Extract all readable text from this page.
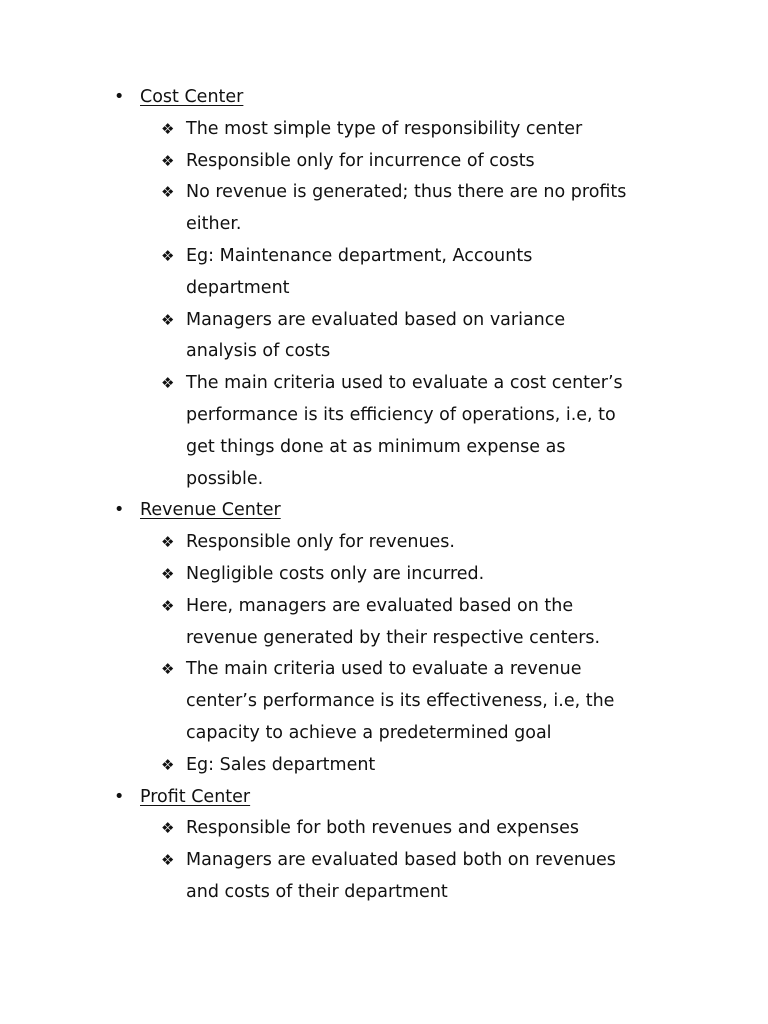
• Cost Center
❖ The most simple type of responsibility center
❖ Responsible only for incurrence of costs
❖ No revenue is generated; thus there are no profits
either.
❖ Eg: Maintenance department, Accounts
department
❖ Managers are evaluated based on variance
analysis of costs
❖ The main criteria used to evaluate a cost center’s
performance is its efficiency of operations, i.e, to
get things done at as minimum expense as
possible.
• Revenue Center
❖ Responsible only for revenues.
❖ Negligible costs only are incurred.
❖ Here, managers are evaluated based on the
revenue generated by their respective centers.
❖ The main criteria used to evaluate a revenue
center’s performance is its effectiveness, i.e, the
capacity to achieve a predetermined goal
❖ Eg: Sales department
• Profit Center
❖ Responsible for both revenues and expenses
❖ Managers are evaluated based both on revenues
and costs of their department
